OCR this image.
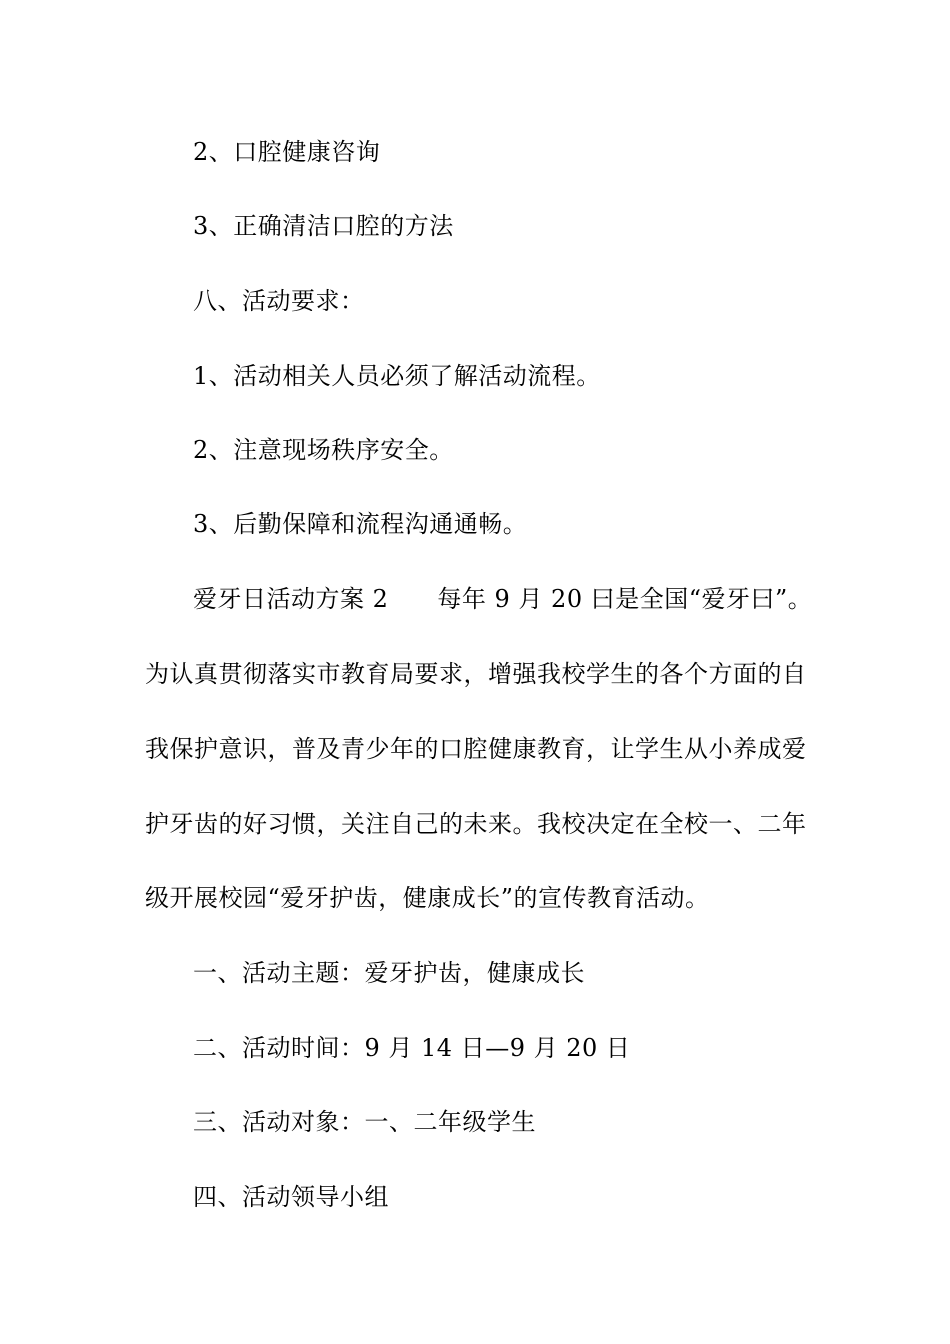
2、口腔健康咨询
3、正确清洁口腔的方法
八、活动要求：
1、活动相关人员必须了解活动流程。
2、注意现场秩序安全。
3、后勤保障和流程沟通通畅。
爱牙日活动方案 2　　每年 9 月 20 曰是全国“爱牙曰”。
为认真贯彻落实市教育局要求，增强我校学生的各个方面的自
我保护意识，普及青少年的口腔健康教育，让学生从小养成爱
护牙齿的好习惯，关注自己的未来。我校决定在全校一、二年
级开展校园“爱牙护齿，健康成长”的宣传教育活动。
一、活动主题：爱牙护齿，健康成长
二、活动时间：9 月 14 日—9 月 20 日
三、活动对象：一、二年级学生
四、活动领导小组
